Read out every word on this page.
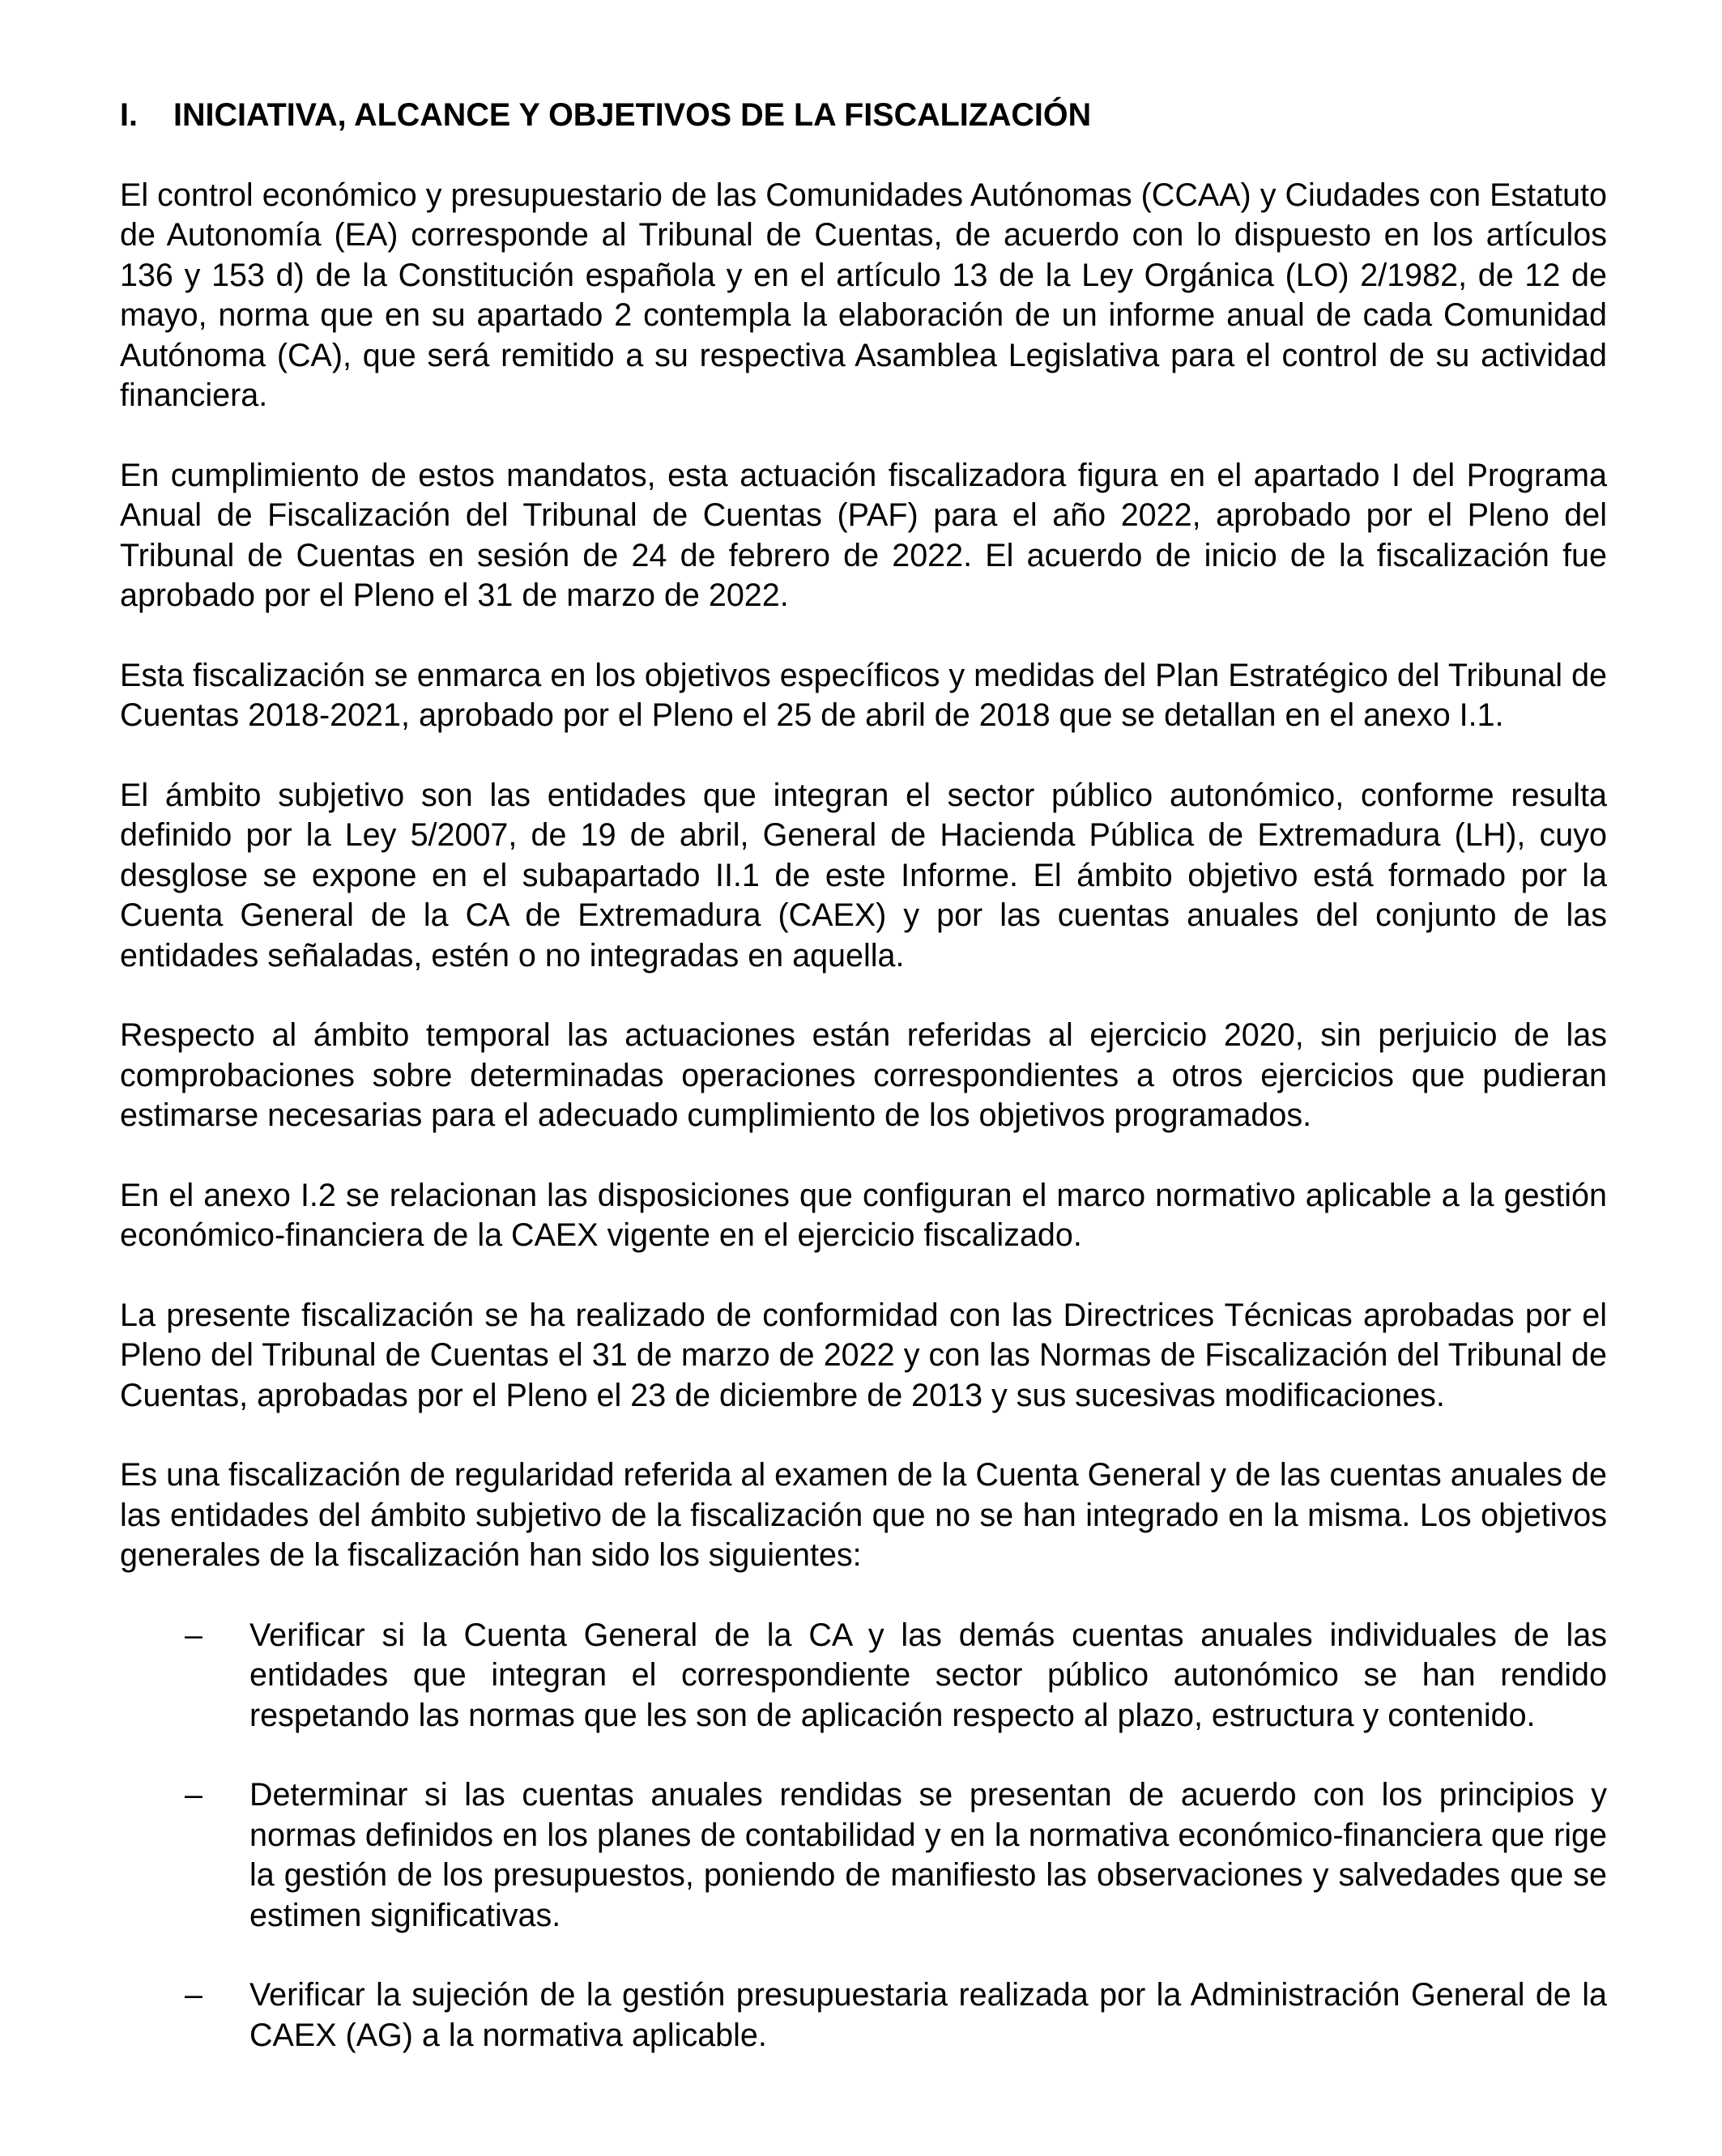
I.	INICIATIVA, ALCANCE Y OBJETIVOS DE LA FISCALIZACIÓN

El control económico y presupuestario de las Comunidades Autónomas (CCAA) y Ciudades con Estatuto de Autonomía (EA) corresponde al Tribunal de Cuentas, de acuerdo con lo dispuesto en los artículos 136 y 153 d) de la Constitución española y en el artículo 13 de la Ley Orgánica (LO) 2/1982, de 12 de mayo, norma que en su apartado 2 contempla la elaboración de un informe anual de cada Comunidad Autónoma (CA), que será remitido a su respectiva Asamblea Legislativa para el control de su actividad financiera.

En cumplimiento de estos mandatos, esta actuación fiscalizadora figura en el apartado I del Programa Anual de Fiscalización del Tribunal de Cuentas (PAF) para el año 2022, aprobado por el Pleno del Tribunal de Cuentas en sesión de 24 de febrero de 2022. El acuerdo de inicio de la fiscalización fue aprobado por el Pleno el 31 de marzo de 2022.

Esta fiscalización se enmarca en los objetivos específicos y medidas del Plan Estratégico del Tribunal de Cuentas 2018-2021, aprobado por el Pleno el 25 de abril de 2018 que se detallan en el anexo I.1.

El ámbito subjetivo son las entidades que integran el sector público autonómico, conforme resulta definido por la Ley 5/2007, de 19 de abril, General de Hacienda Pública de Extremadura (LH), cuyo desglose se expone en el subapartado II.1 de este Informe. El ámbito objetivo está formado por la Cuenta General de la CA de Extremadura (CAEX) y por las cuentas anuales del conjunto de las entidades señaladas, estén o no integradas en aquella.

Respecto al ámbito temporal las actuaciones están referidas al ejercicio 2020, sin perjuicio de las comprobaciones sobre determinadas operaciones correspondientes a otros ejercicios que pudieran estimarse necesarias para el adecuado cumplimiento de los objetivos programados.

En el anexo I.2 se relacionan las disposiciones que configuran el marco normativo aplicable a la gestión económico-financiera de la CAEX vigente en el ejercicio fiscalizado.

La presente fiscalización se ha realizado de conformidad con las Directrices Técnicas aprobadas por el Pleno del Tribunal de Cuentas el 31 de marzo de 2022 y con las Normas de Fiscalización del Tribunal de Cuentas, aprobadas por el Pleno el 23 de diciembre de 2013 y sus sucesivas modificaciones.

Es una fiscalización de regularidad referida al examen de la Cuenta General y de las cuentas anuales de las entidades del ámbito subjetivo de la fiscalización que no se han integrado en la misma. Los objetivos generales de la fiscalización han sido los siguientes:

– Verificar si la Cuenta General de la CA y las demás cuentas anuales individuales de las entidades que integran el correspondiente sector público autonómico se han rendido respetando las normas que les son de aplicación respecto al plazo, estructura y contenido.
– Determinar si las cuentas anuales rendidas se presentan de acuerdo con los principios y normas definidos en los planes de contabilidad y en la normativa económico-financiera que rige la gestión de los presupuestos, poniendo de manifiesto las observaciones y salvedades que se estimen significativas.
– Verificar la sujeción de la gestión presupuestaria realizada por la Administración General de la CAEX (AG) a la normativa aplicable.
